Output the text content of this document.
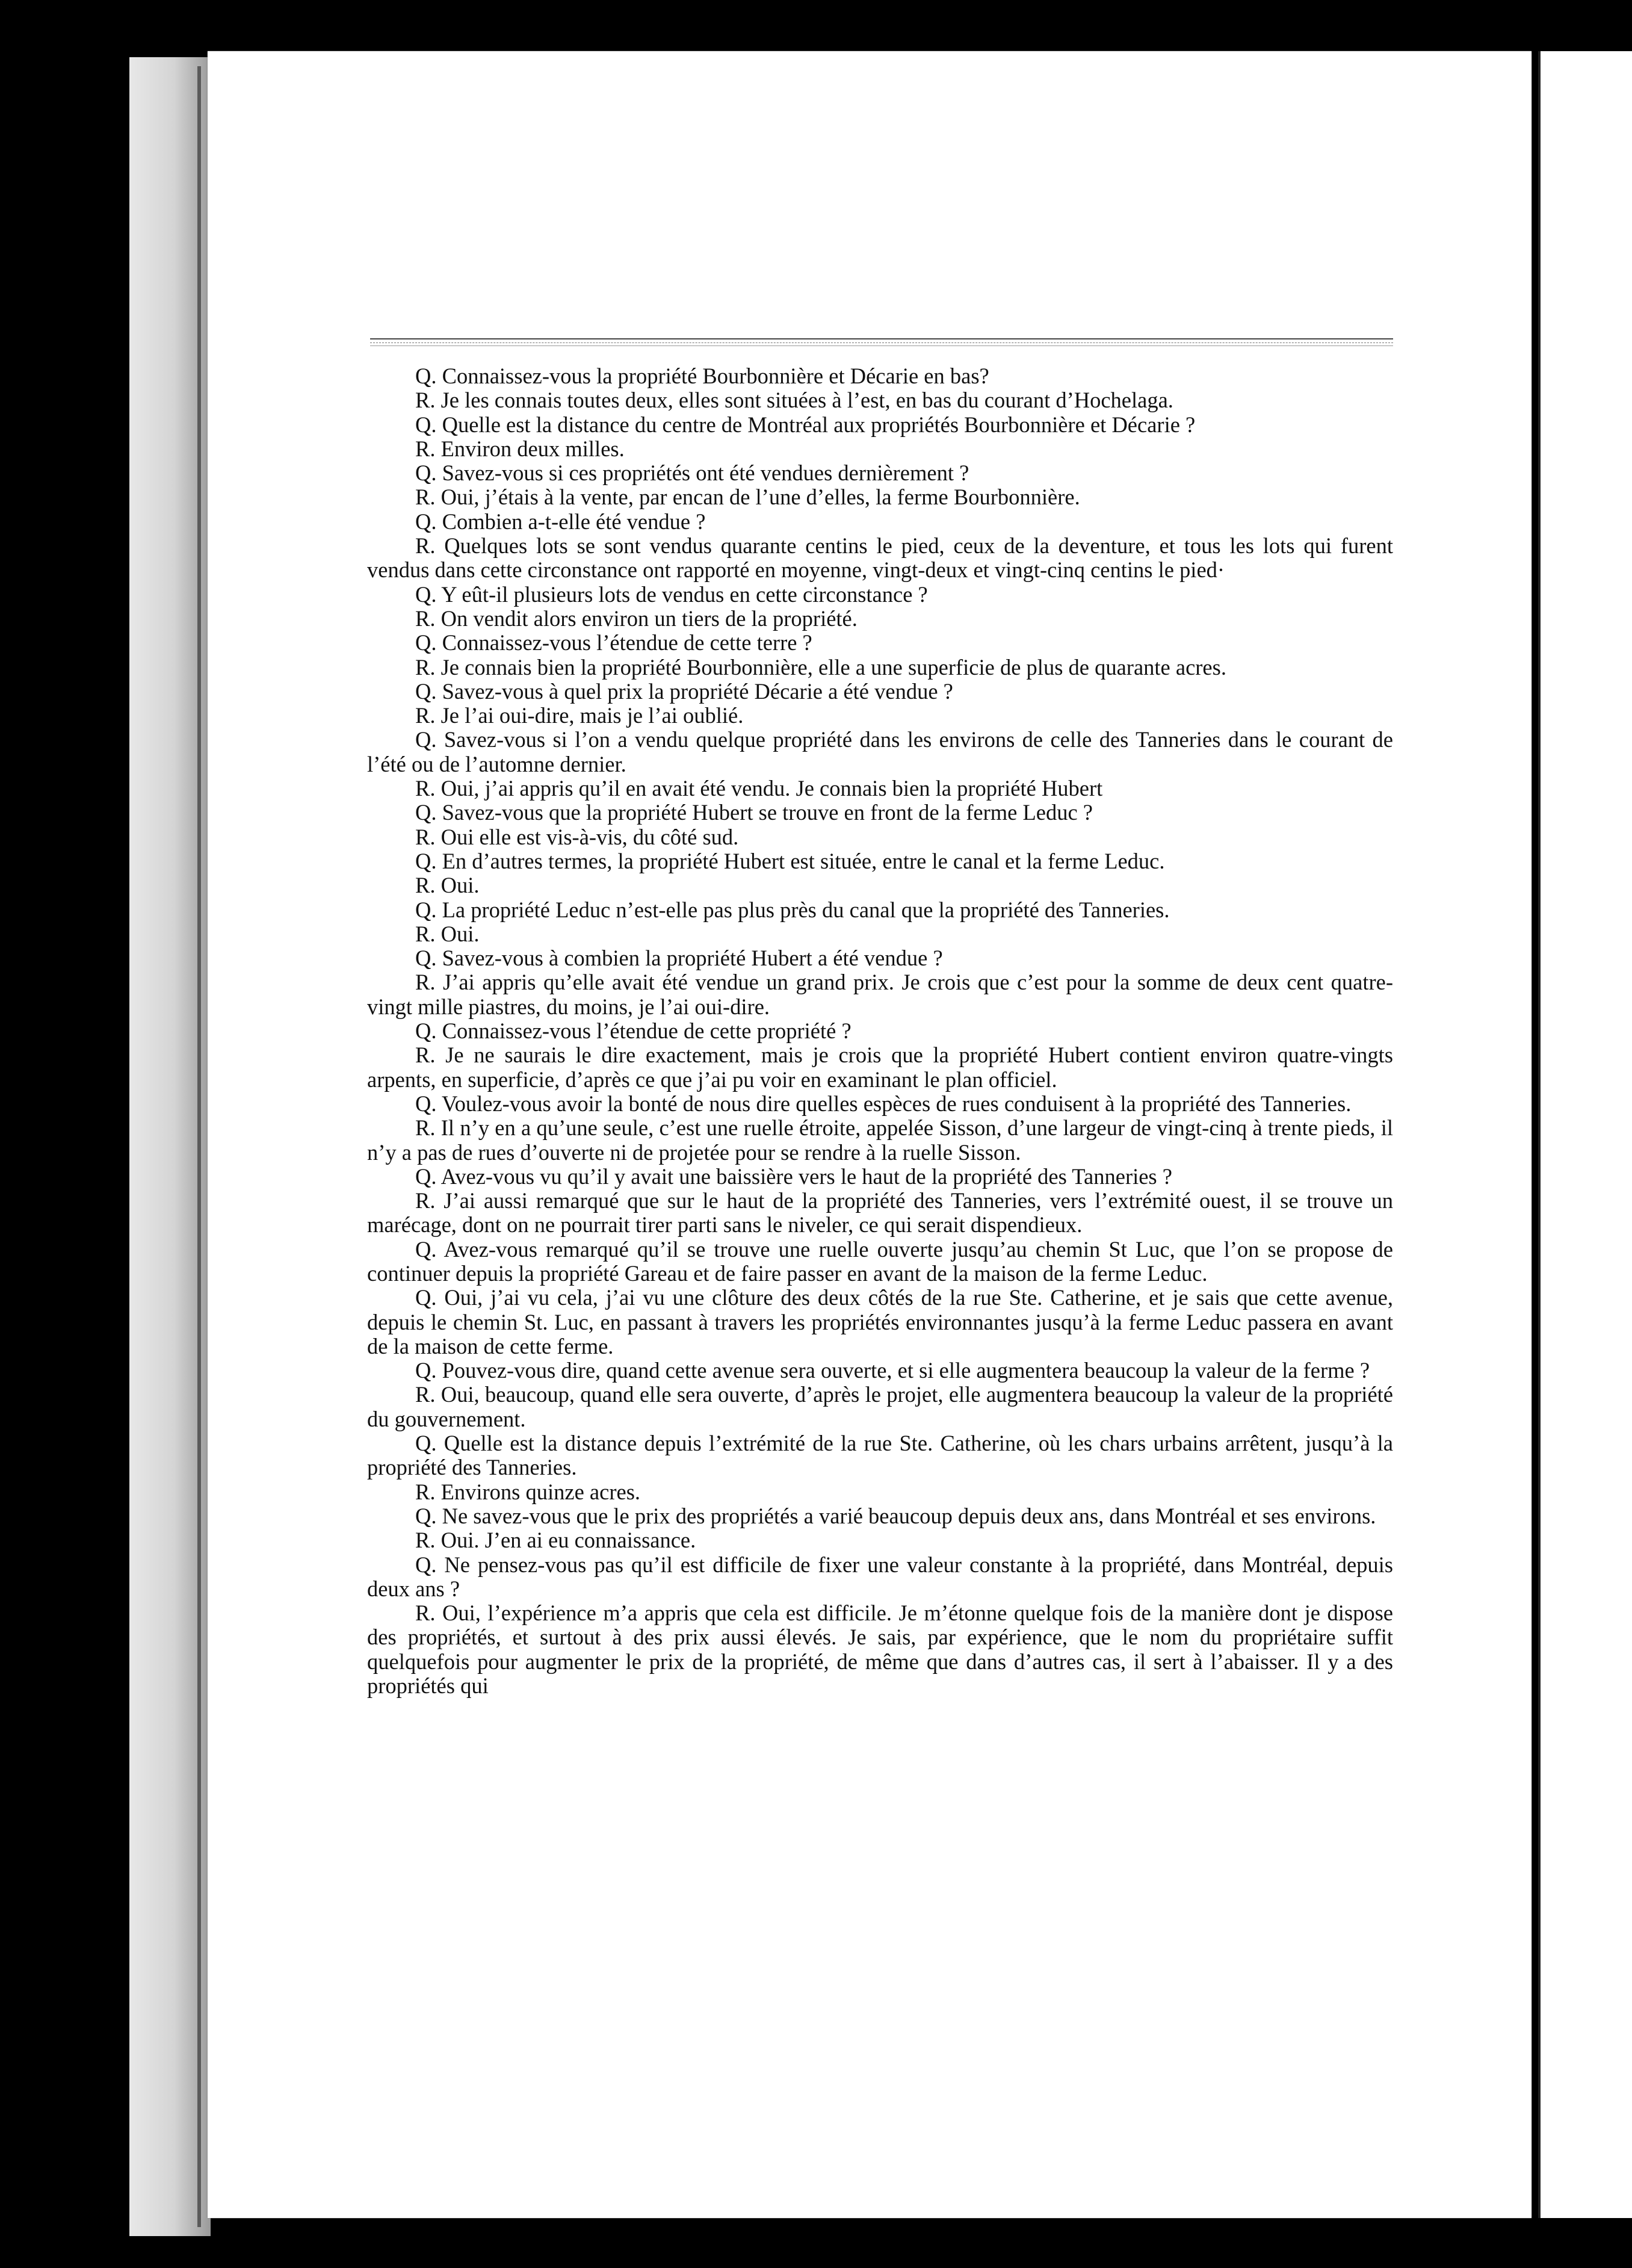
Q. Connaissez-vous la propriété Bourbonnière et Décarie en bas?

R. Je les connais toutes deux, elles sont situées à l’est, en bas du courant d’Hochelaga.

Q. Quelle est la distance du centre de Montréal aux propriétés Bourbonnière et Décarie ?

R. Environ deux milles.

Q. Savez-vous si ces propriétés ont été vendues dernièrement ?

R. Oui, j’étais à la vente, par encan de l’une d’elles, la ferme Bourbonnière.

Q. Combien a-t-elle été vendue ?

R. Quelques lots se sont vendus quarante centins le pied, ceux de la deventure, et tous les lots qui furent vendus dans cette circonstance ont rapporté en moyenne, vingt-deux et vingt-cinq centins le pied·

Q. Y eût-il plusieurs lots de vendus en cette circonstance ?

R. On vendit alors environ un tiers de la propriété.

Q. Connaissez-vous l’étendue de cette terre ?

R. Je connais bien la propriété Bourbonnière, elle a une superficie de plus de quarante acres.

Q. Savez-vous à quel prix la propriété Décarie a été vendue ?

R. Je l’ai oui-dire, mais je l’ai oublié.

Q. Savez-vous si l’on a vendu quelque propriété dans les environs de celle des Tanneries dans le courant de l’été ou de l’automne dernier.

R. Oui, j’ai appris qu’il en avait été vendu. Je connais bien la propriété Hubert

Q. Savez-vous que la propriété Hubert se trouve en front de la ferme Leduc ?

R. Oui elle est vis-à-vis, du côté sud.

Q. En d’autres termes, la propriété Hubert est située, entre le canal et la ferme Leduc.

R. Oui.

Q. La propriété Leduc n’est-elle pas plus près du canal que la propriété des Tanneries.

R. Oui.

Q. Savez-vous à combien la propriété Hubert a été vendue ?

R. J’ai appris qu’elle avait été vendue un grand prix. Je crois que c’est pour la somme de deux cent quatre-vingt mille piastres, du moins, je l’ai oui-dire.

Q. Connaissez-vous l’étendue de cette propriété ?

R. Je ne saurais le dire exactement, mais je crois que la propriété Hubert contient environ quatre-vingts arpents, en superficie, d’après ce que j’ai pu voir en examinant le plan officiel.

Q. Voulez-vous avoir la bonté de nous dire quelles espèces de rues conduisent à la propriété des Tanneries.

R. Il n’y en a qu’une seule, c’est une ruelle étroite, appelée Sisson, d’une largeur de vingt-cinq à trente pieds, il n’y a pas de rues d’ouverte ni de projetée pour se rendre à la ruelle Sisson.

Q. Avez-vous vu qu’il y avait une baissière vers le haut de la propriété des Tanneries ?

R. J’ai aussi remarqué que sur le haut de la propriété des Tanneries, vers l’extrémité ouest, il se trouve un marécage, dont on ne pourrait tirer parti sans le niveler, ce qui serait dispendieux.

Q. Avez-vous remarqué qu’il se trouve une ruelle ouverte jusqu’au chemin St Luc, que l’on se propose de continuer depuis la propriété Gareau et de faire passer en avant de la maison de la ferme Leduc.

Q. Oui, j’ai vu cela, j’ai vu une clôture des deux côtés de la rue Ste. Catherine, et je sais que cette avenue, depuis le chemin St. Luc, en passant à travers les propriétés environnantes jusqu’à la ferme Leduc passera en avant de la maison de cette ferme.

Q. Pouvez-vous dire, quand cette avenue sera ouverte, et si elle augmentera beaucoup la valeur de la ferme ?

R. Oui, beaucoup, quand elle sera ouverte, d’après le projet, elle augmentera beaucoup la valeur de la propriété du gouvernement.

Q. Quelle est la distance depuis l’extrémité de la rue Ste. Catherine, où les chars urbains arrêtent, jusqu’à la propriété des Tanneries.

R. Environs quinze acres.

Q. Ne savez-vous que le prix des propriétés a varié beaucoup depuis deux ans, dans Montréal et ses environs.

R. Oui. J’en ai eu connaissance.

Q. Ne pensez-vous pas qu’il est difficile de fixer une valeur constante à la propriété, dans Montréal, depuis deux ans ?

R. Oui, l’expérience m’a appris que cela est difficile. Je m’étonne quelque fois de la manière dont je dispose des propriétés, et surtout à des prix aussi élevés. Je sais, par expérience, que le nom du propriétaire suffit quelquefois pour augmenter le prix de la propriété, de même que dans d’autres cas, il sert à l’abaisser. Il y a des propriétés qui
